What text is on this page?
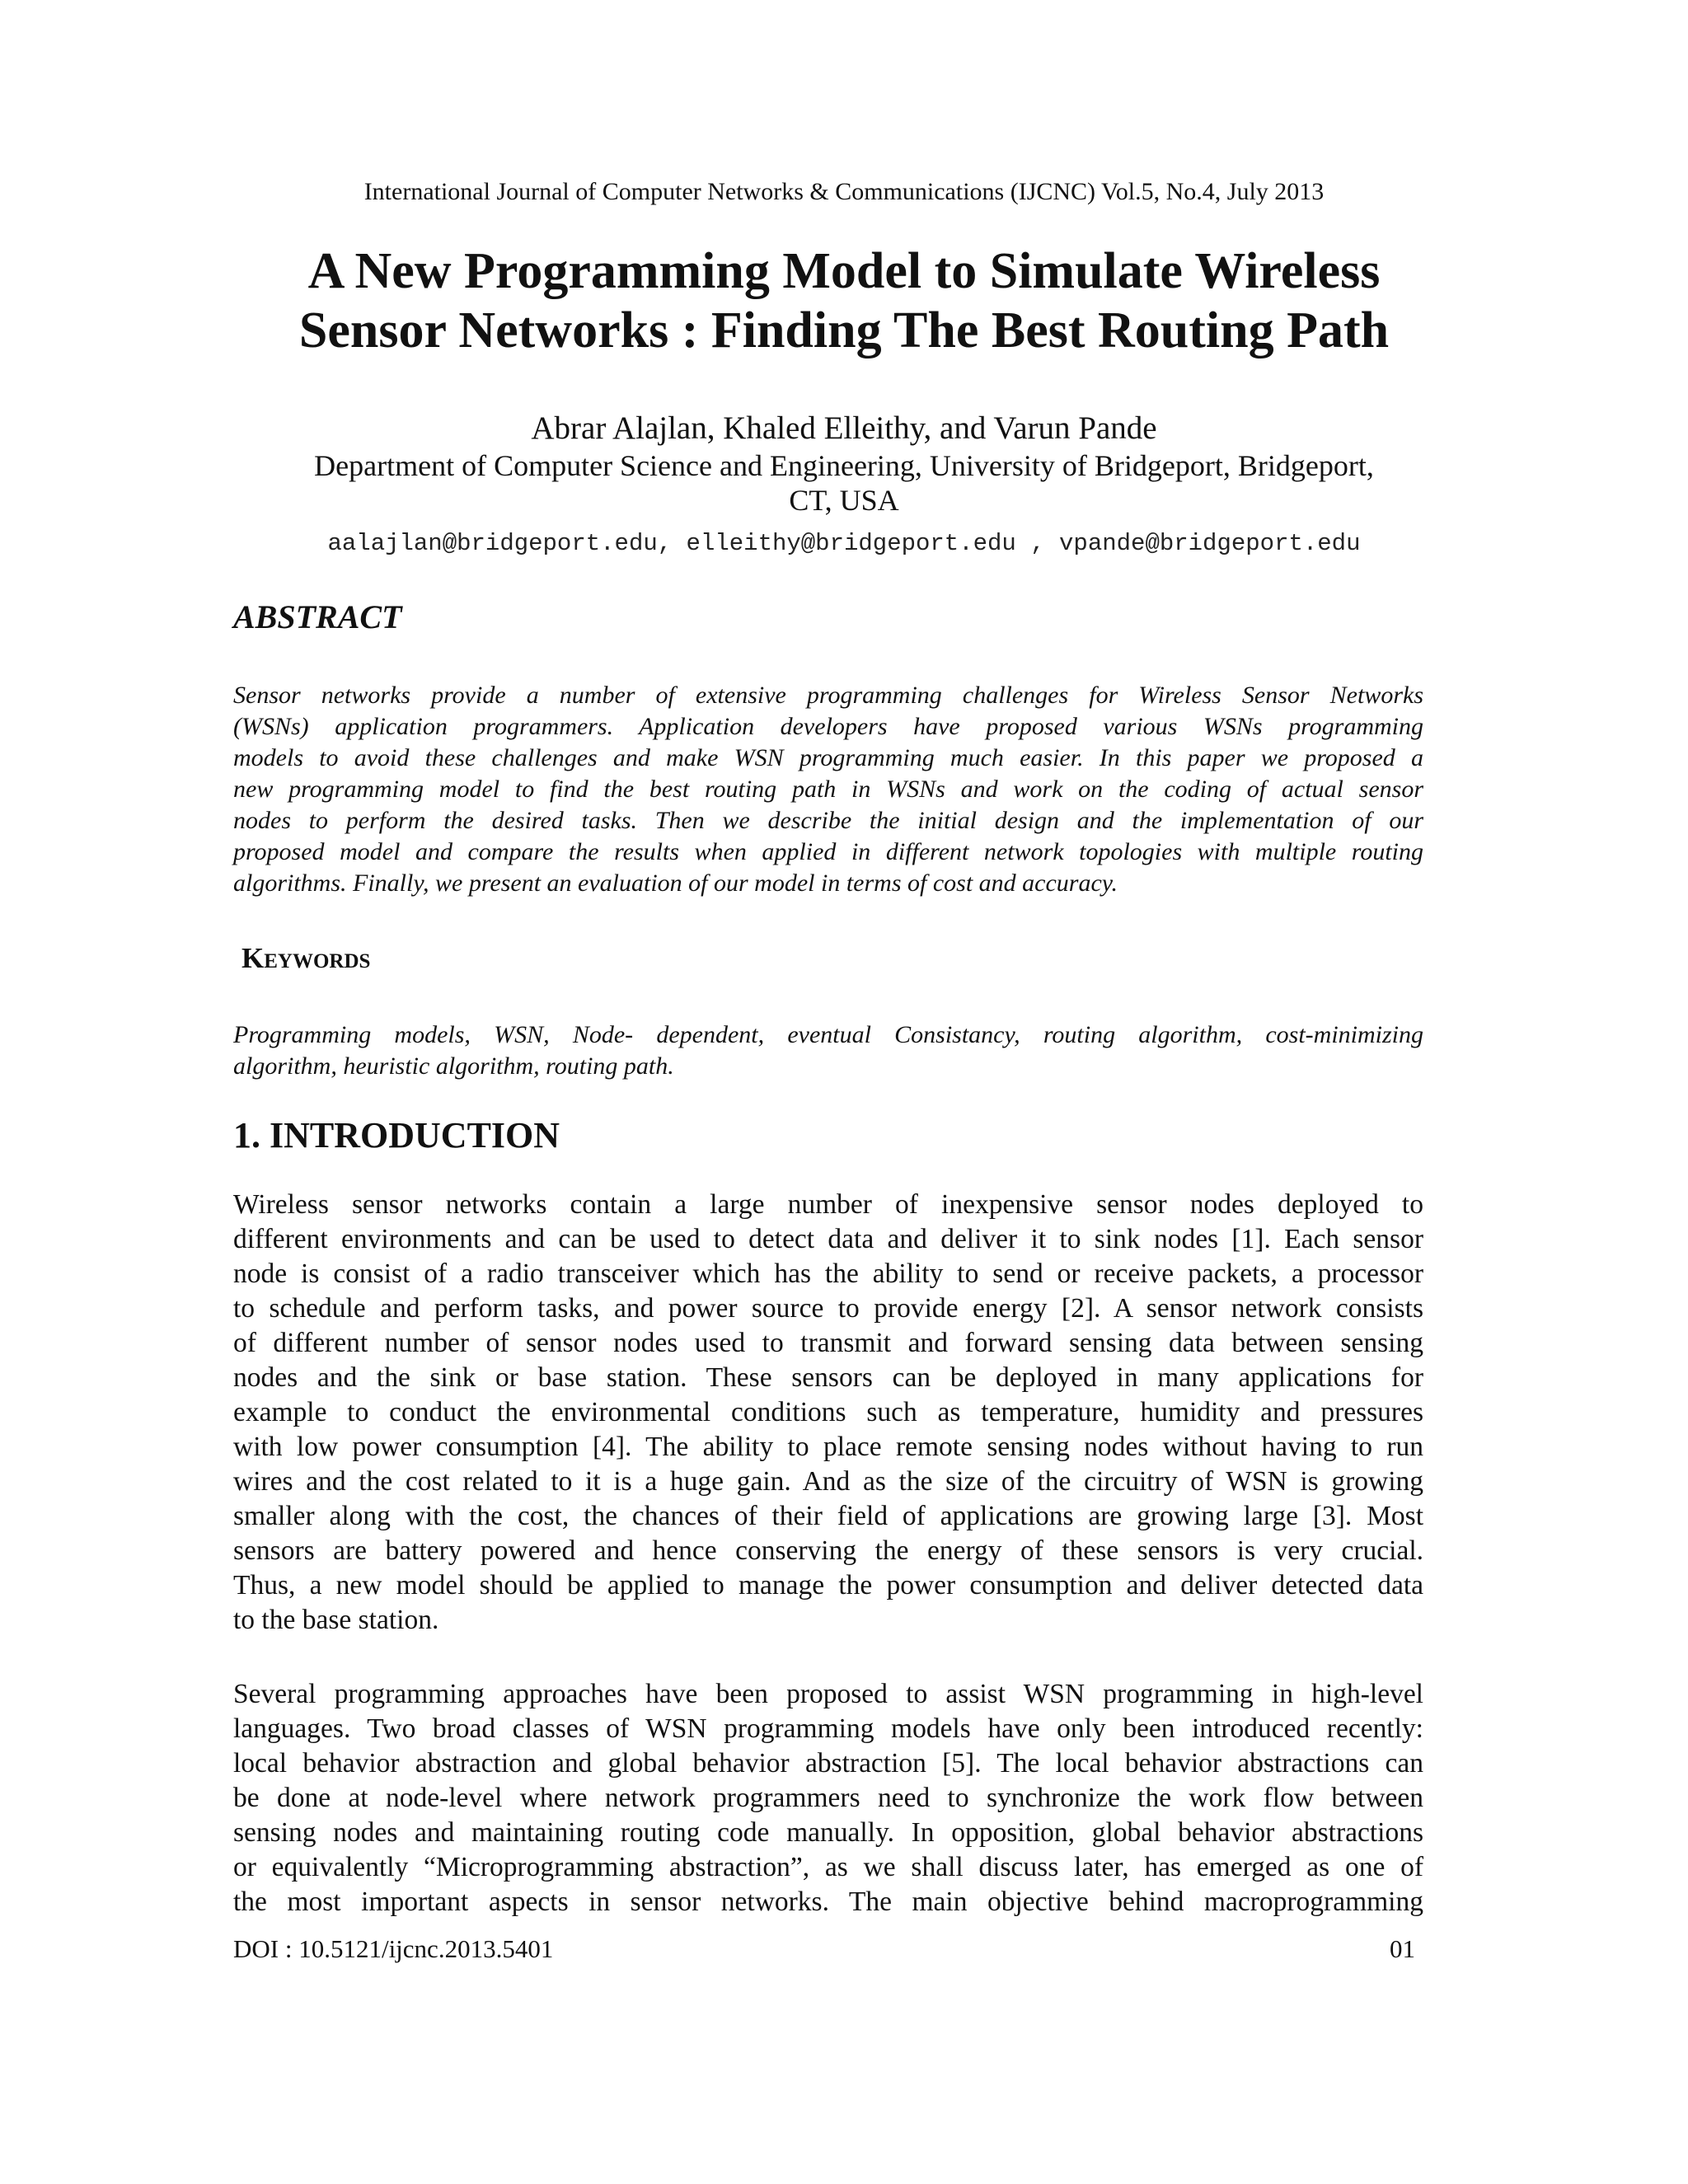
International Journal of Computer Networks & Communications (IJCNC) Vol.5, No.4, July 2013
A New Programming Model to Simulate Wireless
Sensor Networks : Finding The Best Routing Path
Abrar Alajlan, Khaled Elleithy, and Varun Pande
Department of Computer Science and Engineering, University of Bridgeport, Bridgeport,
CT, USA
aalajlan@bridgeport.edu, elleithy@bridgeport.edu , vpande@bridgeport.edu
ABSTRACT
Sensor networks provide a number of extensive programming challenges for Wireless Sensor Networks
(WSNs) application programmers. Application developers have proposed various WSNs programming
models to avoid these challenges and make WSN programming much easier. In this paper we proposed a
new programming model to find the best routing path in WSNs and work on the coding of actual sensor
nodes to perform the desired tasks. Then we describe the initial design and the implementation of our
proposed model and compare the results when applied in different network topologies with multiple routing
algorithms. Finally, we present an evaluation of our model in terms of cost and accuracy.
Keywords
Programming models, WSN, Node- dependent, eventual Consistancy, routing algorithm, cost-minimizing
algorithm, heuristic algorithm, routing path.
1. INTRODUCTION
Wireless sensor networks contain a large number of inexpensive sensor nodes deployed to
different environments and can be used to detect data and deliver it to sink nodes [1]. Each sensor
node is consist of a radio transceiver which has the ability to send or receive packets, a processor
to schedule and perform tasks, and power source to provide energy [2]. A sensor network consists
of different number of sensor nodes used to transmit and forward sensing data between sensing
nodes and the sink or base station. These sensors can be deployed in many applications for
example to conduct the environmental conditions such as temperature, humidity and pressures
with low power consumption [4]. The ability to place remote sensing nodes without having to run
wires and the cost related to it is a huge gain. And as the size of the circuitry of WSN is growing
smaller along with the cost, the chances of their field of applications are growing large [3]. Most
sensors are battery powered and hence conserving the energy of these sensors is very crucial.
Thus, a new model should be applied to manage the power consumption and deliver detected data
to the base station.
Several programming approaches have been proposed to assist WSN programming in high-level
languages. Two broad classes of WSN programming models have only been introduced recently:
local behavior abstraction and global behavior abstraction [5]. The local behavior abstractions can
be done at node-level where network programmers need to synchronize the work flow between
sensing nodes and maintaining routing code manually. In opposition, global behavior abstractions
or equivalently “Microprogramming abstraction”, as we shall discuss later, has emerged as one of
the most important aspects in sensor networks. The main objective behind macroprogramming
DOI : 10.5121/ijcnc.2013.5401	01
